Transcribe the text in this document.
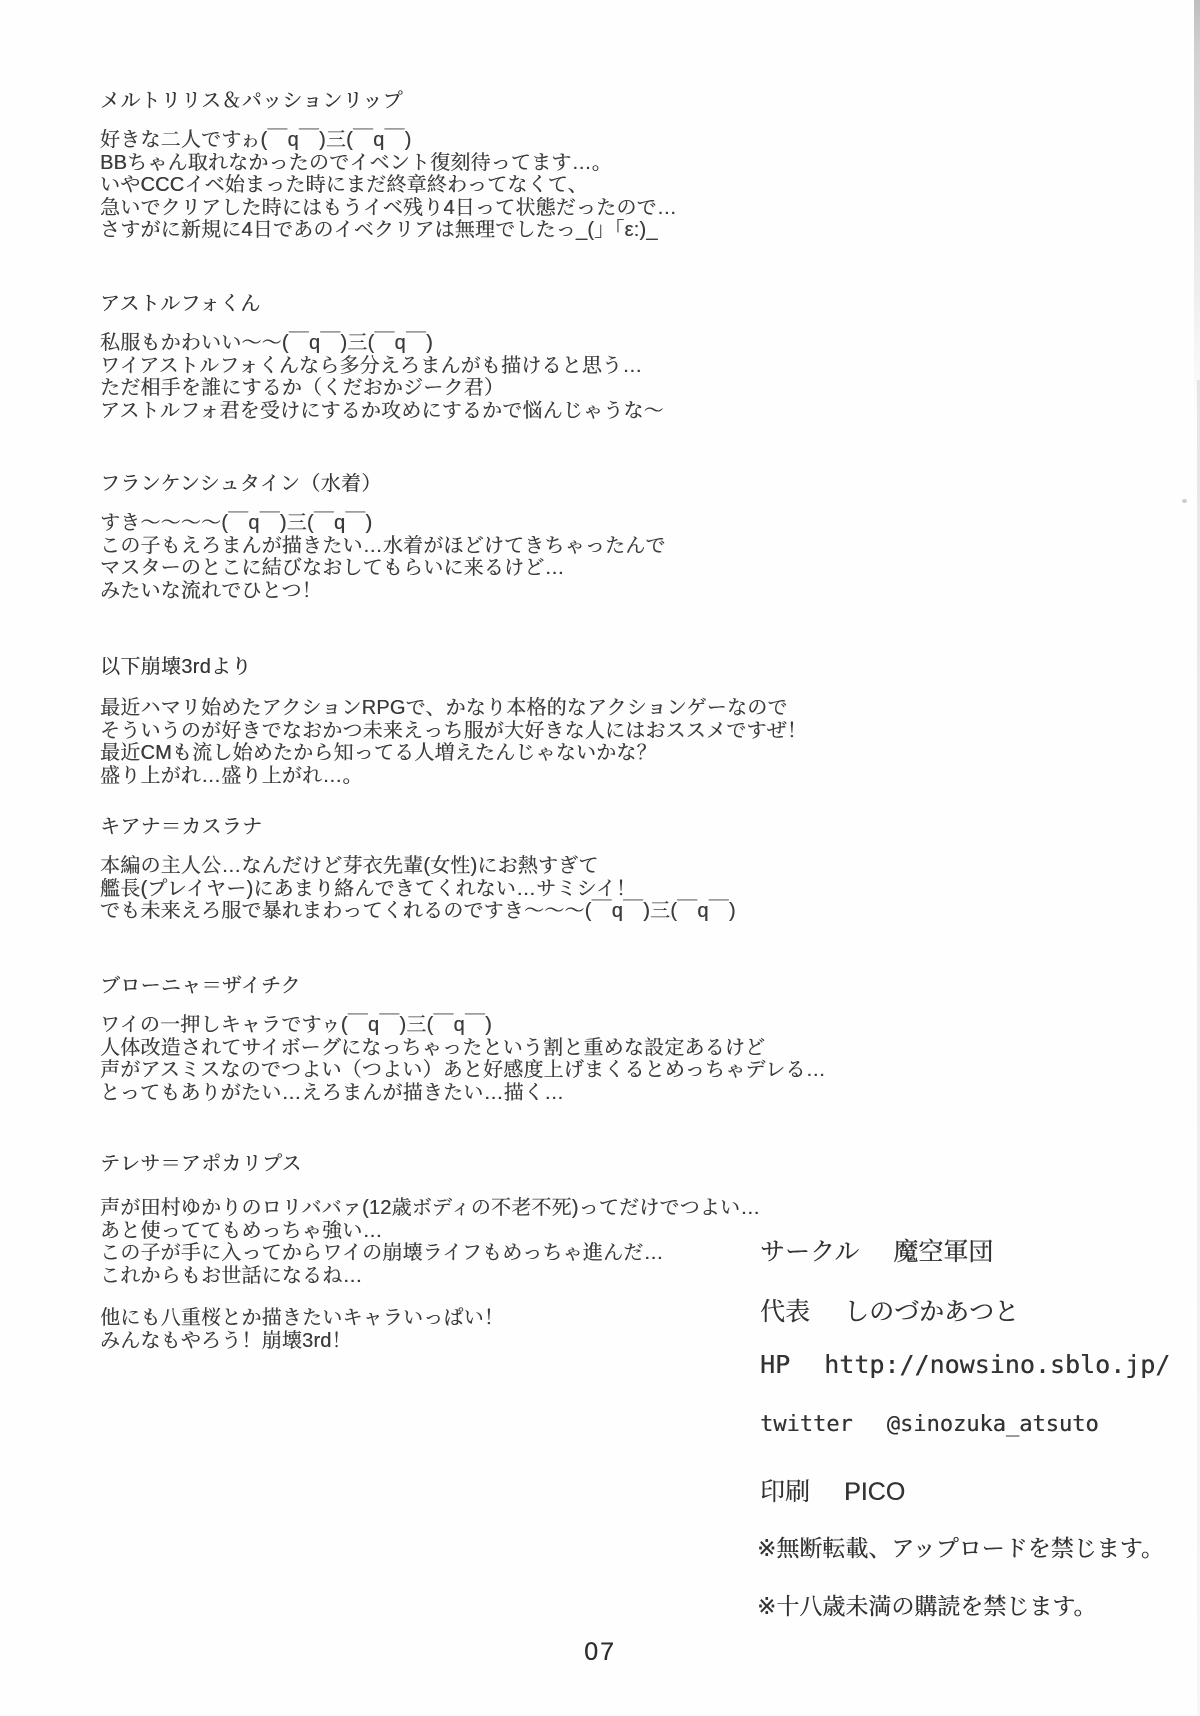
メルトリリス＆パッションリップ
好きな二人ですゎ(￣q￣)三(￣q￣)
BBちゃん取れなかったのでイベント復刻待ってます…。
いやCCCイベ始まった時にまだ終章終わってなくて、
急いでクリアした時にはもうイベ残り4日って状態だったので…
さすがに新規に4日であのイベクリアは無理でしたっ_(」「ε:)_
アストルフォくん
私服もかわいい～～(￣q￣)三(￣q￣)
ワイアストルフォくんなら多分えろまんがも描けると思う…
ただ相手を誰にするか（くだおかジーク君）
アストルフォ君を受けにするか攻めにするかで悩んじゃうな～
フランケンシュタイン（水着）
すき～～～～(￣q￣)三(￣q￣)
この子もえろまんが描きたい…水着がほどけてきちゃったんで
マスターのとこに結びなおしてもらいに来るけど…
みたいな流れでひとつ！
以下崩壊3rdより
最近ハマリ始めたアクションRPGで、かなり本格的なアクションゲーなので
そういうのが好きでなおかつ未来えっち服が大好きな人にはおススメですぜ！
最近CMも流し始めたから知ってる人増えたんじゃないかな？
盛り上がれ…盛り上がれ…。
キアナ＝カスラナ
本編の主人公…なんだけど芽衣先輩(女性)にお熱すぎて
艦長(プレイヤー)にあまり絡んできてくれない…サミシイ！
でも未来えろ服で暴れまわってくれるのですき～～～(￣q￣)三(￣q￣)
ブローニャ＝ザイチク
ワイの一押しキャラですゥ(￣q￣)三(￣q￣)
人体改造されてサイボーグになっちゃったという割と重めな設定あるけど
声がアスミスなのでつよい（つよい）あと好感度上げまくるとめっちゃデレる…
とってもありがたい…えろまんが描きたい…描く…
テレサ＝アポカリプス
声が田村ゆかりのロリババァ(12歳ボディの不老不死)ってだけでつよい…
あと使っててもめっちゃ強い…
この子が手に入ってからワイの崩壊ライフもめっちゃ進んだ…
これからもお世話になるね…
他にも八重桜とか描きたいキャラいっぱい！
みんなもやろう！崩壊3rd！
サークル 魔空軍団
代表 しのづかあつと
HP http://nowsino.sblo.jp/
twitter @sinozuka_atsuto
印刷 PICO
※無断転載、アップロードを禁じます。
※十八歳未満の購読を禁じます。
07
